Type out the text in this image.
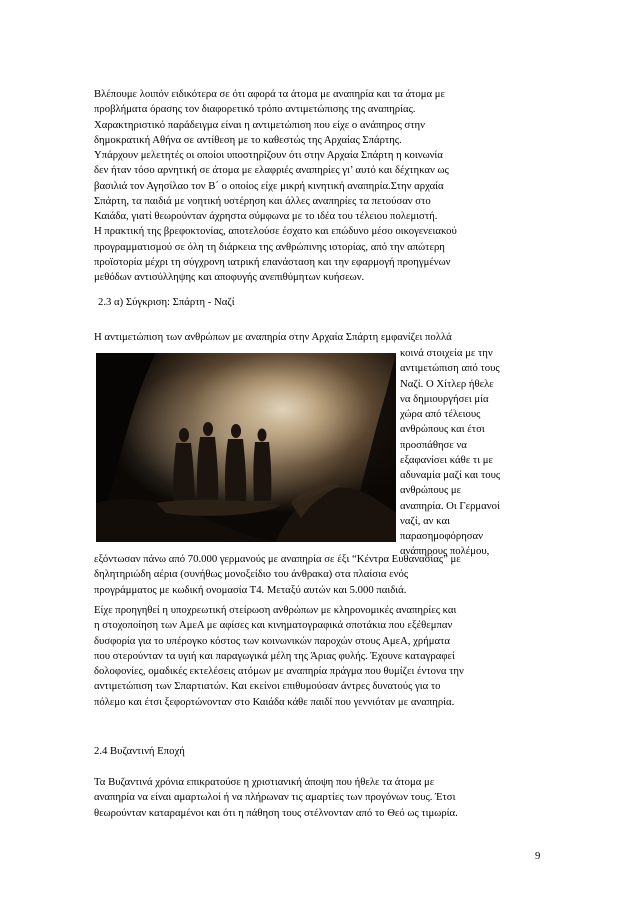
Βλέπουμε λοιπόν ειδικότερα σε ότι αφορά τα άτομα με αναπηρία και τα άτομα με
προβλήματα όρασης τον διαφορετικό τρόπο αντιμετώπισης της αναπηρίας.
Χαρακτηριστικό παράδειγμα είναι η αντιμετώπιση που είχε ο ανάπηρος στην
δημοκρατική Αθήνα σε αντίθεση με το καθεστώς της Αρχαίας Σπάρτης.
Υπάρχουν μελετητές οι οποίοι υποστηρίζουν ότι στην Αρχαία Σπάρτη η κοινωνία
δεν ήταν τόσο αρνητική σε άτομα με ελαφριές αναπηρίες γι’ αυτό και δέχτηκαν ως
βασιλιά τον Αγησίλαο τον Β΄ ο οποίος είχε μικρή κινητική αναπηρία.Στην αρχαία
Σπάρτη, τα παιδιά με νοητική υστέρηση και άλλες αναπηρίες τα πετούσαν στο
Καιάδα, γιατί θεωρούνταν άχρηστα σύμφωνα με το ιδέα του τέλειου πολεμιστή.
Η πρακτική της βρεφοκτονίας, αποτελούσε έσχατο και επώδυνο μέσο οικογενειακού
προγραμματισμού σε όλη τη διάρκεια της ανθρώπινης ιστορίας, από την απώτερη
προϊστορία μέχρι τη σύγχρονη ιατρική επανάσταση και την εφαρμογή προηγμένων
μεθόδων αντισύλληψης και αποφυγής ανεπιθύμητων κυήσεων.
2.3 α) Σύγκριση: Σπάρτη - Ναζί
Η αντιμετώπιση των ανθρώπων με αναπηρία στην Αρχαία Σπάρτη εμφανίζει πολλά
κοινά στοιχεία με την
αντιμετώπιση από τους
Ναζί. Ο Χίτλερ ήθελε
να δημιουργήσει μία
χώρα από τέλειους
ανθρώπους και έτσι
προσπάθησε να
εξαφανίσει κάθε τι με
αδυναμία μαζί και τους
ανθρώπους με
αναπηρία. Οι Γερμανοί
ναζί, αν και
παρασημοφόρησαν
ανάπηρους πολέμου,
εξόντωσαν πάνω από 70.000 γερμανούς με αναπηρία σε έξι “Κέντρα Ευθανασίας” με
δηλητηριώδη αέρια (συνήθως μονοξείδιο του άνθρακα) στα πλαίσια ενός
προγράμματος με κωδική ονομασία Τ4. Μεταξύ αυτών και 5.000 παιδιά.
Είχε προηγηθεί η υποχρεωτική στείρωση ανθρώπων με κληρονομικές αναπηρίες και
η στοχοποίηση των ΑμεΑ με αφίσες και κινηματογραφικά σποτάκια που εξέθεμπαν
δυσφορία για το υπέρογκο κόστος των κοινωνικών παροχών στους ΑμεΑ, χρήματα
που στερούνταν τα υγιή και παραγωγικά μέλη της Άριας φυλής. Έχουνε καταγραφεί
δολοφονίες, ομαδικές εκτελέσεις ατόμων με αναπηρία πράγμα που θυμίζει έντονα την
αντιμετώπιση των Σπαρτιατών. Και εκείνοι επιθυμούσαν άντρες δυνατούς για το
πόλεμο και έτσι ξεφορτώνονταν στο Καιάδα κάθε παιδί που γεννιόταν με αναπηρία.
2.4 Βυζαντινή Εποχή
Τα Βυζαντινά χρόνια επικρατούσε η χριστιανική άποψη που ήθελε τα άτομα με
αναπηρία να είναι αμαρτωλοί ή να πλήρωναν τις αμαρτίες των προγόνων τους. Έτσι
θεωρούνταν καταραμένοι και ότι η πάθηση τους στέλνονταν από το Θεό ως τιμωρία.
9
